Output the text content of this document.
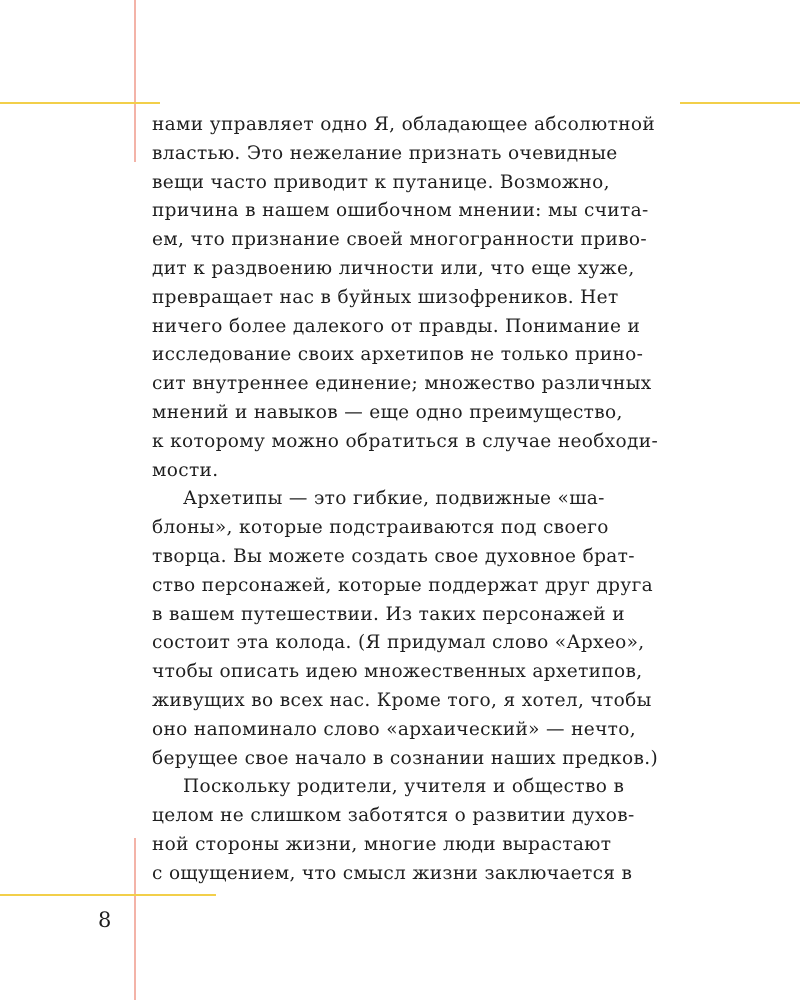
нами управляет одно Я, обладающее абсолютной
властью. Это нежелание признать очевидные
вещи часто приводит к путанице. Возможно,
причина в нашем ошибочном мнении: мы счита-
ем, что признание своей многогранности приво-
дит к раздвоению личности или, что еще хуже,
превращает нас в буйных шизофреников. Нет
ничего более далекого от правды. Понимание и
исследование своих архетипов не только прино-
сит внутреннее единение; множество различных
мнений и навыков — еще одно преимущество,
к которому можно обратиться в случае необходи-
мости.
Архетипы — это гибкие, подвижные «ша-
блоны», которые подстраиваются под своего
творца. Вы можете создать свое духовное брат-
ство персонажей, которые поддержат друг друга
в вашем путешествии. Из таких персонажей и
состоит эта колода. (Я придумал слово «Архео»,
чтобы описать идею множественных архетипов,
живущих во всех нас. Кроме того, я хотел, чтобы
оно напоминало слово «архаический» — нечто,
берущее свое начало в сознании наших предков.)
Поскольку родители, учителя и общество в
целом не слишком заботятся о развитии духов-
ной стороны жизни, многие люди вырастают
с ощущением, что смысл жизни заключается в
8
